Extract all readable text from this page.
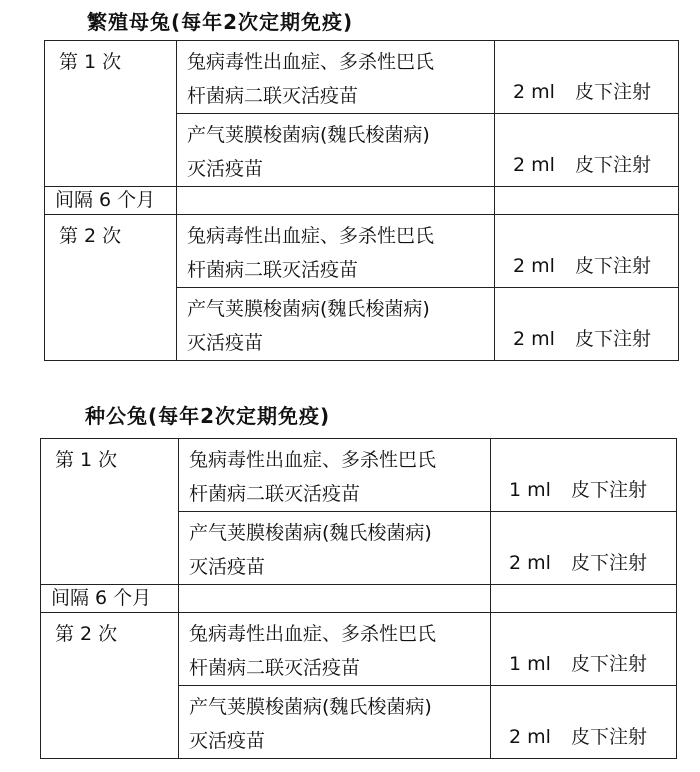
繁殖母兔(每年2次定期免疫)
第 1 次	兔病毒性出血症、多杀性巴氏
杆菌病二联灭活疫苗	2 ml 皮下注射

	产气荚膜梭菌病(魏氏梭菌病)
灭活疫苗	2 ml 皮下注射
间隔 6 个月		
第 2 次	兔病毒性出血症、多杀性巴氏
杆菌病二联灭活疫苗	2 ml 皮下注射

	产气荚膜梭菌病(魏氏梭菌病)
灭活疫苗	2 ml 皮下注射
种公兔(每年2次定期免疫)
第 1 次	兔病毒性出血症、多杀性巴氏
杆菌病二联灭活疫苗	1 ml 皮下注射

	产气荚膜梭菌病(魏氏梭菌病)
灭活疫苗	2 ml 皮下注射
间隔 6 个月		
第 2 次	兔病毒性出血症、多杀性巴氏
杆菌病二联灭活疫苗	1 ml 皮下注射

	产气荚膜梭菌病(魏氏梭菌病)
灭活疫苗	2 ml 皮下注射
